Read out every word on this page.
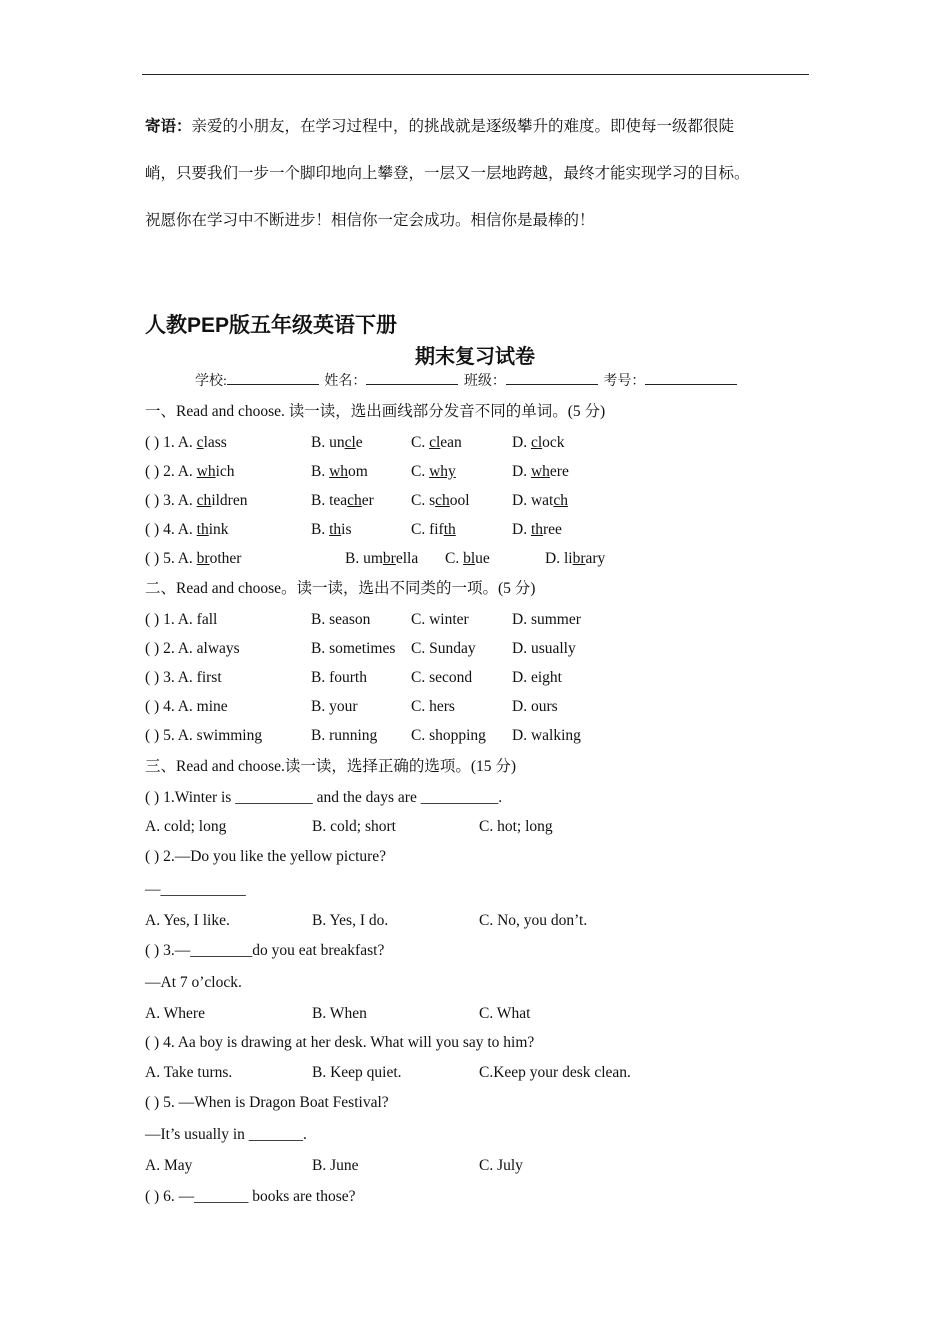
寄语：亲爱的小朋友，在学习过程中，的挑战就是逐级攀升的难度。即使每一级都很陡
峭，只要我们一步一个脚印地向上攀登，一层又一层地跨越，最终才能实现学习的目标。
祝愿你在学习中不断进步！相信你一定会成功。相信你是最棒的！
人教PEP版五年级英语下册
期末复习试卷
学校:	姓名：	班级：	考号：
一、Read and choose. 读一读，选出画线部分发音不同的单词。(5 分)
( ) 1. A. class	B. uncle	C. clean	D. clock
( ) 2. A. which	B. whom	C. why	D. where
( ) 3. A. children	B. teacher C. school	D. watch
( ) 4. A. think	B. this	C. fifth	D. three
( ) 5. A. brother	B. umbrella C. blue	D. library
二、Read and choose。读一读，选出不同类的一项。(5 分)
( ) 1. A. fall	B. season	C. winter	D. summer
( ) 2. A. always	B. sometimes C. Sunday D. usually
( ) 3. A. first	B. fourth	C. second	D. eight
( ) 4. A. mine	B. your	C. hers	D. ours
( ) 5. A. swimming	B. running C. shopping D. walking
三、Read and choose.读一读，选择正确的选项。(15 分)
( ) 1.Winter is __________ and the days are __________.
A. cold; long	B. cold; short	C. hot; long
( ) 2.—Do you like the yellow picture?
—___________
A. Yes, I like.	B. Yes, I do.	C. No, you don’t.
( ) 3.—________do you eat breakfast?
—At 7 o’clock.
A. Where	B. When	C. What
( ) 4. Aa boy is drawing at her desk. What will you say to him?
A. Take turns.	B. Keep quiet.	C.Keep your desk clean.
( ) 5. —When is Dragon Boat Festival?
—It’s usually in _______.
A. May	B. June	C. July
( ) 6. —_______ books are those?
